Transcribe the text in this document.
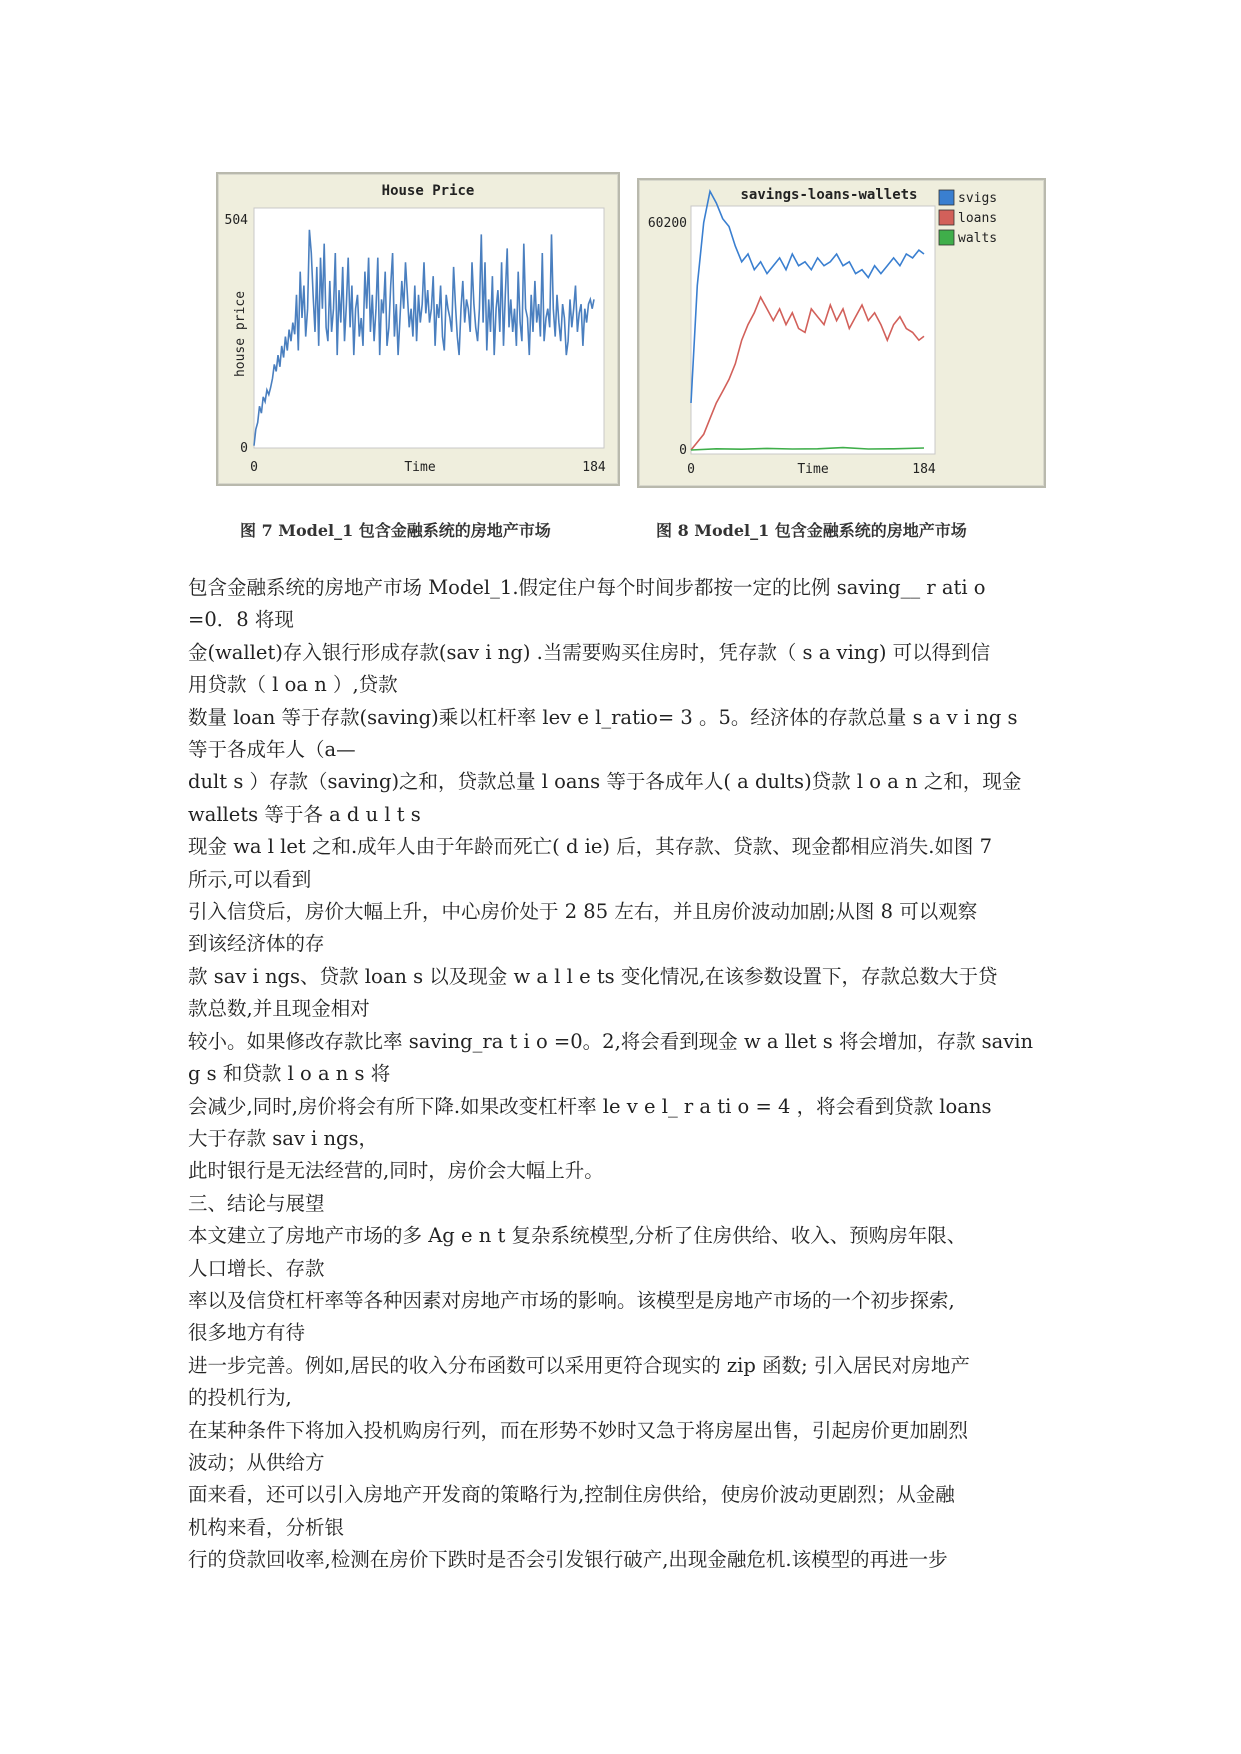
House Price
504
0
0	184
Time
house price
savings-loans-wallets
60200
0
0	184
Time
svigs
loans
walts
图 7 Model_1 包含金融系统的房地产市场	图 8 Model_1 包含金融系统的房地产市场

包含金融系统的房地产市场 Model_1.假定住户每个时间步都按一定的比例 saving__ r ati o

=0．8 将现

金(wallet)存入银行形成存款(sav i ng) .当需要购买住房时，凭存款（ s a ving) 可以得到信

用贷款（ l oa n ）,贷款

数量 loan 等于存款(saving)乘以杠杆率 lev e l_ratio= 3 。5。经济体的存款总量 s a v i ng s

等于各成年人（a—

dult s ）存款（saving)之和，贷款总量 l oans 等于各成年人( a dults)贷款 l o a n 之和，现金

wallets 等于各 a d u l t s

现金 wa l let 之和.成年人由于年龄而死亡( d ie) 后，其存款、贷款、现金都相应消失.如图 7

所示,可以看到

引入信贷后，房价大幅上升，中心房价处于 2 85 左右，并且房价波动加剧;从图 8 可以观察

到该经济体的存

款 sav i ngs、贷款 loan s 以及现金 w a l l e ts 变化情况,在该参数设置下，存款总数大于贷

款总数,并且现金相对

较小。如果修改存款比率 saving_ra t i o =0。2,将会看到现金 w a llet s 将会增加，存款 savin

g s 和贷款 l o a n s 将

会减少,同时,房价将会有所下降.如果改变杠杆率 le v e l_ r a ti o = 4 ，将会看到贷款 loans

大于存款 sav i ngs，

此时银行是无法经营的,同时，房价会大幅上升。

三、结论与展望

本文建立了房地产市场的多 Ag e n t 复杂系统模型,分析了住房供给、收入、预购房年限、

人口增长、存款

率以及信贷杠杆率等各种因素对房地产市场的影响。该模型是房地产市场的一个初步探索,

很多地方有待

进一步完善。例如,居民的收入分布函数可以采用更符合现实的 zip 函数; 引入居民对房地产

的投机行为,

在某种条件下将加入投机购房行列，而在形势不妙时又急于将房屋出售，引起房价更加剧烈

波动；从供给方

面来看，还可以引入房地产开发商的策略行为,控制住房供给，使房价波动更剧烈；从金融

机构来看，分析银

行的贷款回收率,检测在房价下跌时是否会引发银行破产,出现金融危机.该模型的再进一步
